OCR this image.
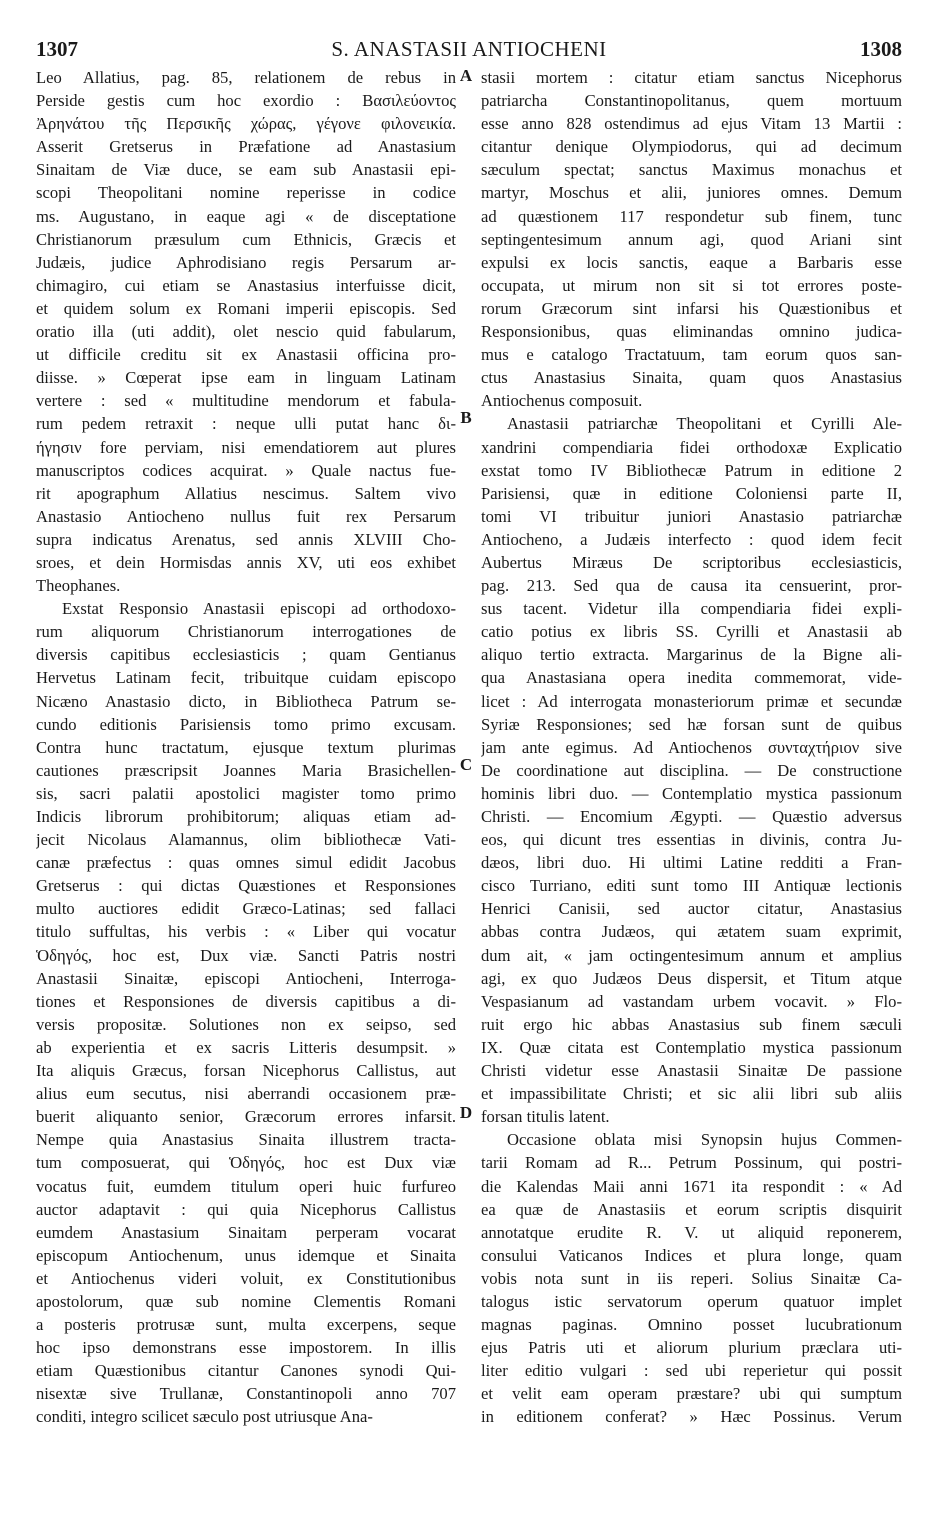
1307	S. ANASTASII ANTIOCHENI	1308
Leo Allatius, pag. 85, relationem de rebus in
Perside gestis cum hoc exordio : Βασιλεύοντος
Ἀρηνάτου τῆς Περσικῆς χώρας, γέγονε φιλονεικία.
Asserit Gretserus in Præfatione ad Anastasium
Sinaitam de Viæ duce, se eam sub Anastasii epi-
scopi Theopolitani nomine reperisse in codice
ms. Augustano, in eaque agi « de disceptatione
Christianorum præsulum cum Ethnicis, Græcis et
Judæis, judice Aphrodisiano regis Persarum ar-
chimagiro, cui etiam se Anastasius interfuisse dicit,
et quidem solum ex Romani imperii episcopis. Sed
oratio illa (uti addit), olet nescio quid fabularum,
ut difficile creditu sit ex Anastasii officina pro-
diisse. » Cœperat ipse eam in linguam Latinam
vertere : sed « multitudine mendorum et fabula-
rum pedem retraxit : neque ulli putat hanc δι-
ήγησιν fore perviam, nisi emendatiorem aut plures
manuscriptos codices acquirat. » Quale nactus fue-
rit apographum Allatius nescimus. Saltem vivo
Anastasio Antiocheno nullus fuit rex Persarum
supra indicatus Arenatus, sed annis XLVIII Cho-
sroes, et dein Hormisdas annis XV, uti eos exhibet
Theophanes.
Exstat Responsio Anastasii episcopi ad orthodoxo-
rum aliquorum Christianorum interrogationes de
diversis capitibus ecclesiasticis ; quam Gentianus
Hervetus Latinam fecit, tribuitque cuidam episcopo
Nicæno Anastasio dicto, in Bibliotheca Patrum se-
cundo editionis Parisiensis tomo primo excusam.
Contra hunc tractatum, ejusque textum plurimas
cautiones præscripsit Joannes Maria Brasichellen-
sis, sacri palatii apostolici magister tomo primo
Indicis librorum prohibitorum; aliquas etiam ad-
jecit Nicolaus Alamannus, olim bibliothecæ Vati-
canæ præfectus : quas omnes simul edidit Jacobus
Gretserus : qui dictas Quæstiones et Responsiones
multo auctiores edidit Græco-Latinas; sed fallaci
titulo suffultas, his verbis : « Liber qui vocatur
Ὁδηγός, hoc est, Dux viæ. Sancti Patris nostri
Anastasii Sinaitæ, episcopi Antiocheni, Interroga-
tiones et Responsiones de diversis capitibus a di-
versis propositæ. Solutiones non ex seipso, sed
ab experientia et ex sacris Litteris desumpsit. »
Ita aliquis Græcus, forsan Nicephorus Callistus, aut
alius eum secutus, nisi aberrandi occasionem præ-
buerit aliquanto senior, Græcorum errores infarsit.
Nempe quia Anastasius Sinaita illustrem tracta-
tum composuerat, qui Ὁδηγός, hoc est Dux viæ
vocatus fuit, eumdem titulum operi huic furfureo
auctor adaptavit : qui quia Nicephorus Callistus
eumdem Anastasium Sinaitam perperam vocarat
episcopum Antiochenum, unus idemque et Sinaita
et Antiochenus videri voluit, ex Constitutionibus
apostolorum, quæ sub nomine Clementis Romani
a posteris protrusæ sunt, multa excerpens, seque
hoc ipso demonstrans esse impostorem. In illis
etiam Quæstionibus citantur Canones synodi Qui-
nisextæ sive Trullanæ, Constantinopoli anno 707
conditi, integro scilicet sæculo post utriusque Ana-
stasii mortem : citatur etiam sanctus Nicephorus
patriarcha Constantinopolitanus, quem mortuum
esse anno 828 ostendimus ad ejus Vitam 13 Martii :
citantur denique Olympiodorus, qui ad decimum
sæculum spectat; sanctus Maximus monachus et
martyr, Moschus et alii, juniores omnes. Demum
ad quæstionem 117 respondetur sub finem, tunc
septingentesimum annum agi, quod Ariani sint
expulsi ex locis sanctis, eaque a Barbaris esse
occupata, ut mirum non sit si tot errores poste-
rorum Græcorum sint infarsi his Quæstionibus et
Responsionibus, quas eliminandas omnino judica-
mus e catalogo Tractatuum, tam eorum quos san-
ctus Anastasius Sinaita, quam quos Anastasius
Antiochenus composuit.
Anastasii patriarchæ Theopolitani et Cyrilli Ale-
xandrini compendiaria fidei orthodoxæ Explicatio
exstat tomo IV Bibliothecæ Patrum in editione 2
Parisiensi, quæ in editione Coloniensi parte II,
tomi VI tribuitur juniori Anastasio patriarchæ
Antiocheno, a Judæis interfecto : quod idem fecit
Aubertus Miræus De scriptoribus ecclesiasticis,
pag. 213. Sed qua de causa ita censuerint, pror-
sus tacent. Videtur illa compendiaria fidei expli-
catio potius ex libris SS. Cyrilli et Anastasii ab
aliquo tertio extracta. Margarinus de la Bigne ali-
qua Anastasiana opera inedita commemorat, vide-
licet : Ad interrogata monasteriorum primæ et secundæ
Syriæ Responsiones; sed hæ forsan sunt de quibus
jam ante egimus. Ad Antiochenos συνταχτήριον sive
De coordinatione aut disciplina. — De constructione
hominis libri duo. — Contemplatio mystica passionum
Christi. — Encomium Ægypti. — Quæstio adversus
eos, qui dicunt tres essentias in divinis, contra Ju-
dæos, libri duo. Hi ultimi Latine redditi a Fran-
cisco Turriano, editi sunt tomo III Antiquæ lectionis
Henrici Canisii, sed auctor citatur, Anastasius
abbas contra Judæos, qui ætatem suam exprimit,
dum ait, « jam octingentesimum annum et amplius
agi, ex quo Judæos Deus dispersit, et Titum atque
Vespasianum ad vastandam urbem vocavit. » Flo-
ruit ergo hic abbas Anastasius sub finem sæculi
IX. Quæ citata est Contemplatio mystica passionum
Christi videtur esse Anastasii Sinaitæ De passione
et impassibilitate Christi; et sic alii libri sub aliis
forsan titulis latent.
Occasione oblata misi Synopsin hujus Commen-
tarii Romam ad R... Petrum Possinum, qui postri-
die Kalendas Maii anni 1671 ita respondit : « Ad
ea quæ de Anastasiis et eorum scriptis disquirit
annotatque erudite R. V. ut aliquid reponerem,
consului Vaticanos Indices et plura longe, quam
vobis nota sunt in iis reperi. Solius Sinaitæ Ca-
talogus istic servatorum operum quatuor implet
magnas paginas. Omnino posset lucubrationum
ejus Patris uti et aliorum plurium præclara uti-
liter editio vulgari : sed ubi reperietur qui possit
et velit eam operam præstare? ubi qui sumptum
in editionem conferat? » Hæc Possinus. Verum
A
B
C
D
